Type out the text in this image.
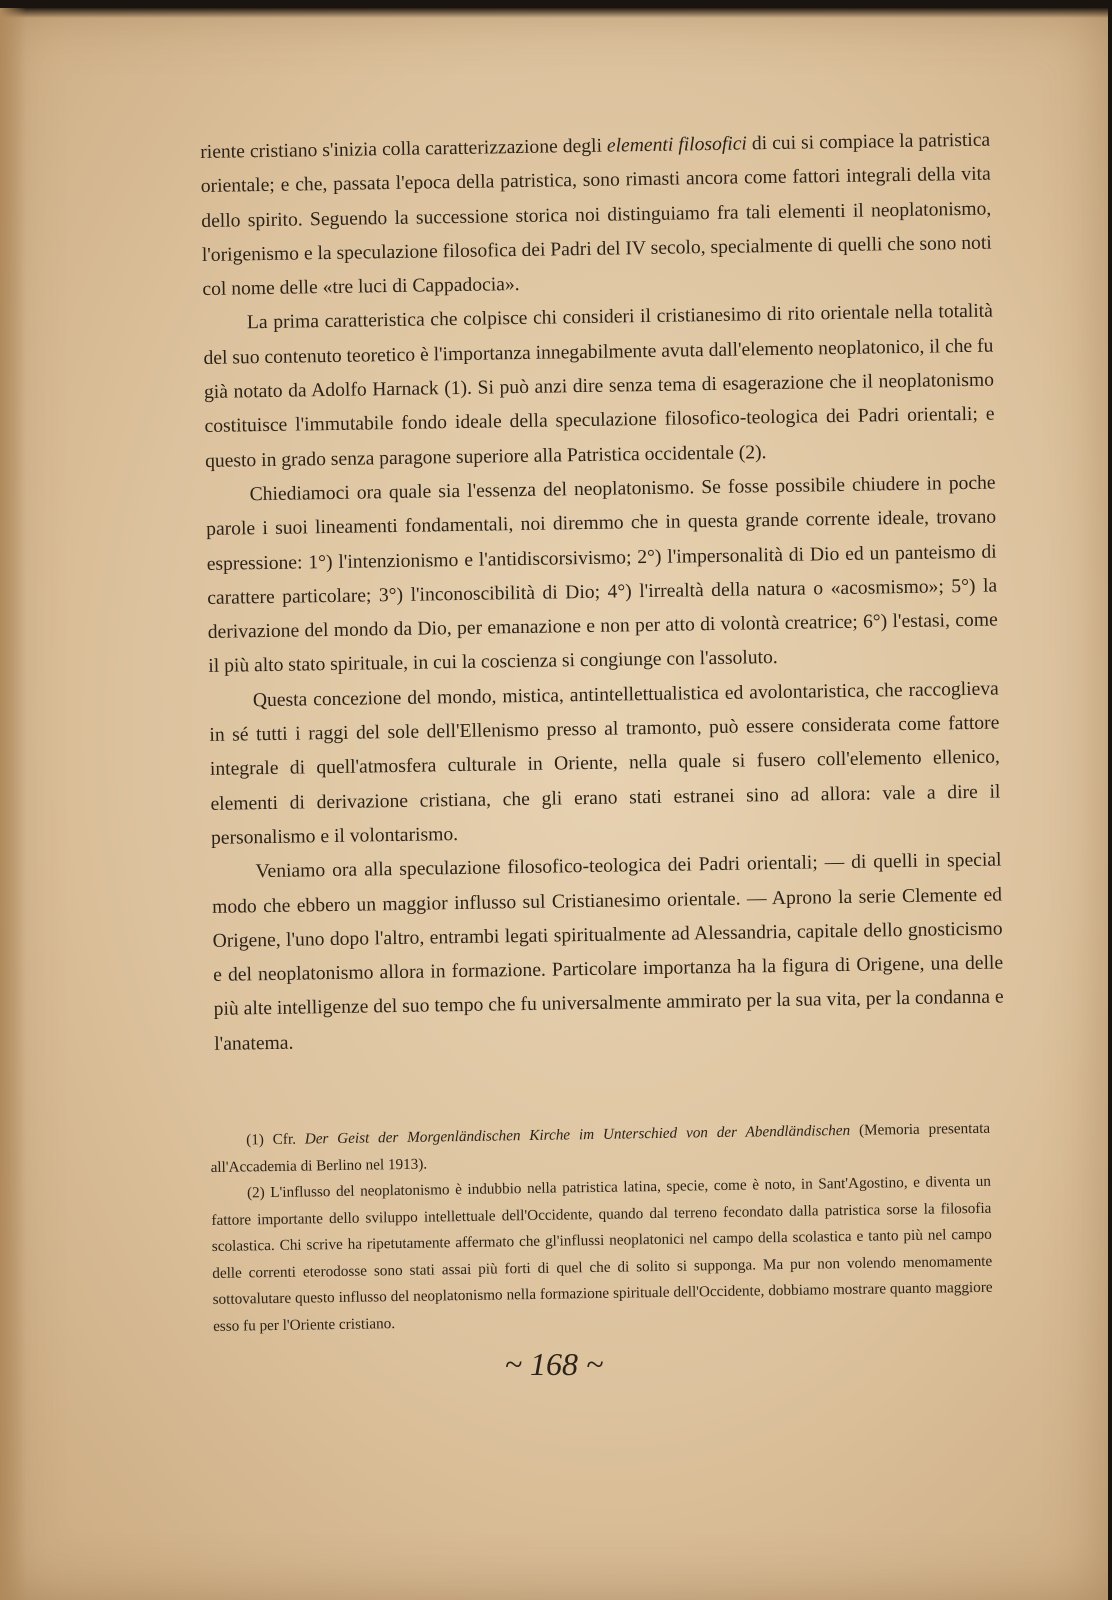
riente cristiano s'inizia colla caratterizzazione degli elementi filosofici di cui si compiace la patristica orientale; e che, passata l'epoca della patristica, sono rimasti ancora come fattori integrali della vita dello spirito. Seguendo la successione storica noi distinguiamo fra tali elementi il neoplatonismo, l'origenismo e la speculazione filosofica dei Padri del IV secolo, specialmente di quelli che sono noti col nome delle «tre luci di Cappadocia».

La prima caratteristica che colpisce chi consideri il cristianesimo di rito orientale nella totalità del suo contenuto teoretico è l'importanza innegabilmente avuta dall'elemento neoplatonico, il che fu già notato da Adolfo Harnack (1). Si può anzi dire senza tema di esagerazione che il neoplatonismo costituisce l'immutabile fondo ideale della speculazione filosofico-teologica dei Padri orientali; e questo in grado senza paragone superiore alla Patristica occidentale (2).

Chiediamoci ora quale sia l'essenza del neoplatonismo. Se fosse possibile chiudere in poche parole i suoi lineamenti fondamentali, noi diremmo che in questa grande corrente ideale, trovano espressione: 1°) l'intenzionismo e l'antidiscorsivismo; 2°) l'impersonalità di Dio ed un panteismo di carattere particolare; 3°) l'inconoscibilità di Dio; 4°) l'irrealtà della natura o «acosmismo»; 5°) la derivazione del mondo da Dio, per emanazione e non per atto di volontà creatrice; 6°) l'estasi, come il più alto stato spirituale, in cui la coscienza si congiunge con l'assoluto.

Questa concezione del mondo, mistica, antintellettualistica ed avolontaristica, che raccoglieva in sé tutti i raggi del sole dell'Ellenismo presso al tramonto, può essere considerata come fattore integrale di quell'atmosfera culturale in Oriente, nella quale si fusero coll'elemento ellenico, elementi di derivazione cristiana, che gli erano stati estranei sino ad allora: vale a dire il personalismo e il volontarismo.

Veniamo ora alla speculazione filosofico-teologica dei Padri orientali; — di quelli in special modo che ebbero un maggior influsso sul Cristianesimo orientale. — Aprono la serie Clemente ed Origene, l'uno dopo l'altro, entrambi legati spiritualmente ad Alessandria, capitale dello gnosticismo e del neoplatonismo allora in formazione. Particolare importanza ha la figura di Origene, una delle più alte intelligenze del suo tempo che fu universalmente ammirato per la sua vita, per la condanna e l'anatema.

(1) Cfr. Der Geist der Morgenländischen Kirche im Unterschied von der Abendländischen (Memoria presentata all'Accademia di Berlino nel 1913).

(2) L'influsso del neoplatonismo è indubbio nella patristica latina, specie, come è noto, in Sant'Agostino, e diventa un fattore importante dello sviluppo intellettuale dell'Occidente, quando dal terreno fecondato dalla patristica sorse la filosofia scolastica. Chi scrive ha ripetutamente affermato che gl'influssi neoplatonici nel campo della scolastica e tanto più nel campo delle correnti eterodosse sono stati assai più forti di quel che di solito si supponga. Ma pur non volendo menomamente sottovalutare questo influsso del neoplatonismo nella formazione spirituale dell'Occidente, dobbiamo mostrare quanto maggiore esso fu per l'Oriente cristiano.

~ 168 ~
